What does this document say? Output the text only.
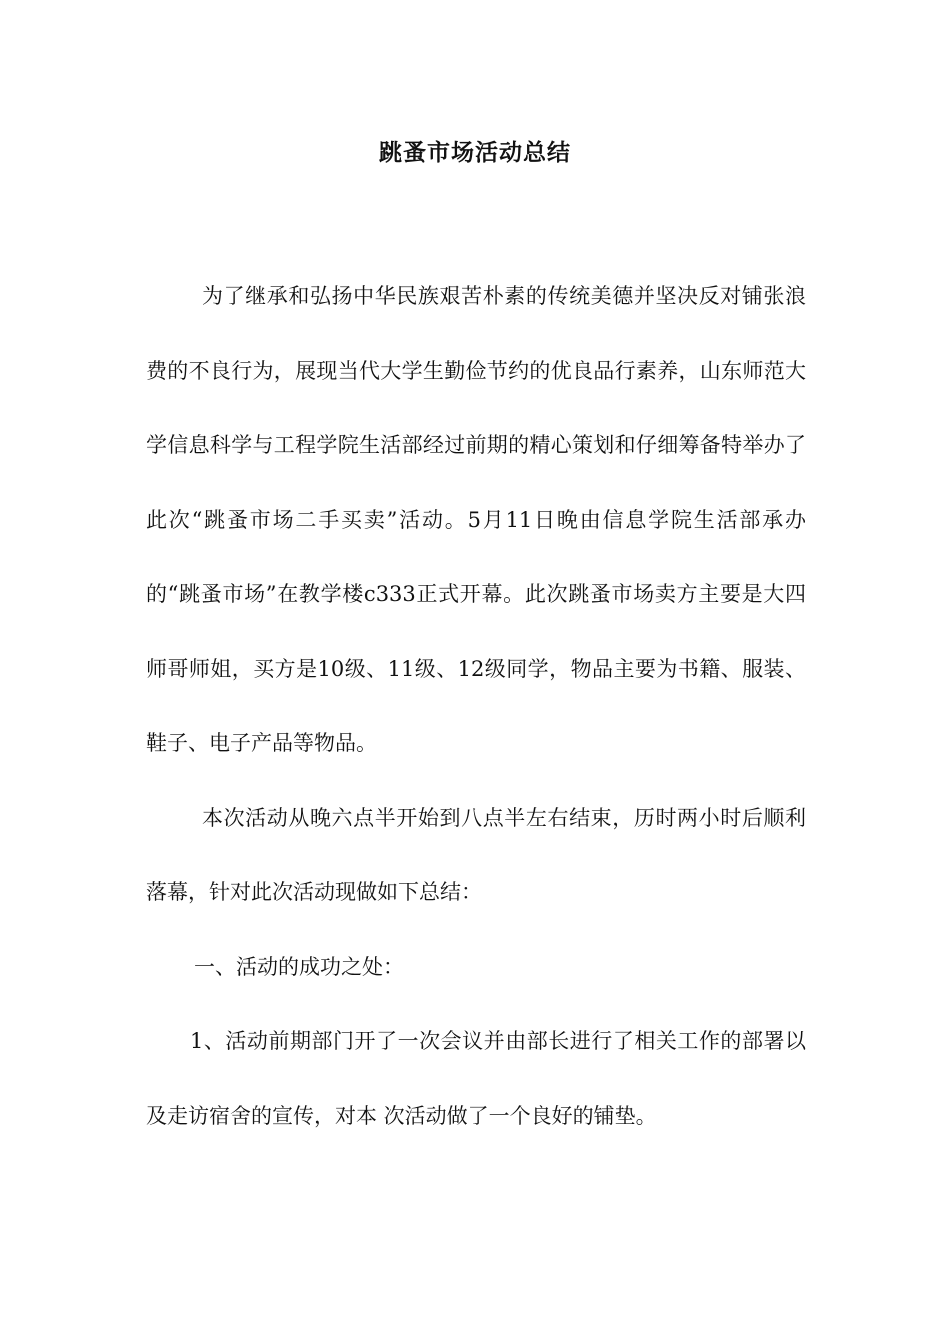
跳蚤市场活动总结

为了继承和弘扬中华民族艰苦朴素的传统美德并坚决反对铺张浪费的不良行为，展现当代大学生勤俭节约的优良品行素养，山东师范大学信息科学与工程学院生活部经过前期的精心策划和仔细筹备特举办了此次“跳蚤市场二手买卖”活动。5月11日晚由信息学院生活部承办的“跳蚤市场”在教学楼c333正式开幕。此次跳蚤市场卖方主要是大四师哥师姐，买方是10级、11级、12级同学，物品主要为书籍、服装、鞋子、电子产品等物品。

本次活动从晚六点半开始到八点半左右结束，历时两小时后顺利落幕，针对此次活动现做如下总结：

一、活动的成功之处：

1、活动前期部门开了一次会议并由部长进行了相关工作的部署以及走访宿舍的宣传，对本 次活动做了一个良好的铺垫。
